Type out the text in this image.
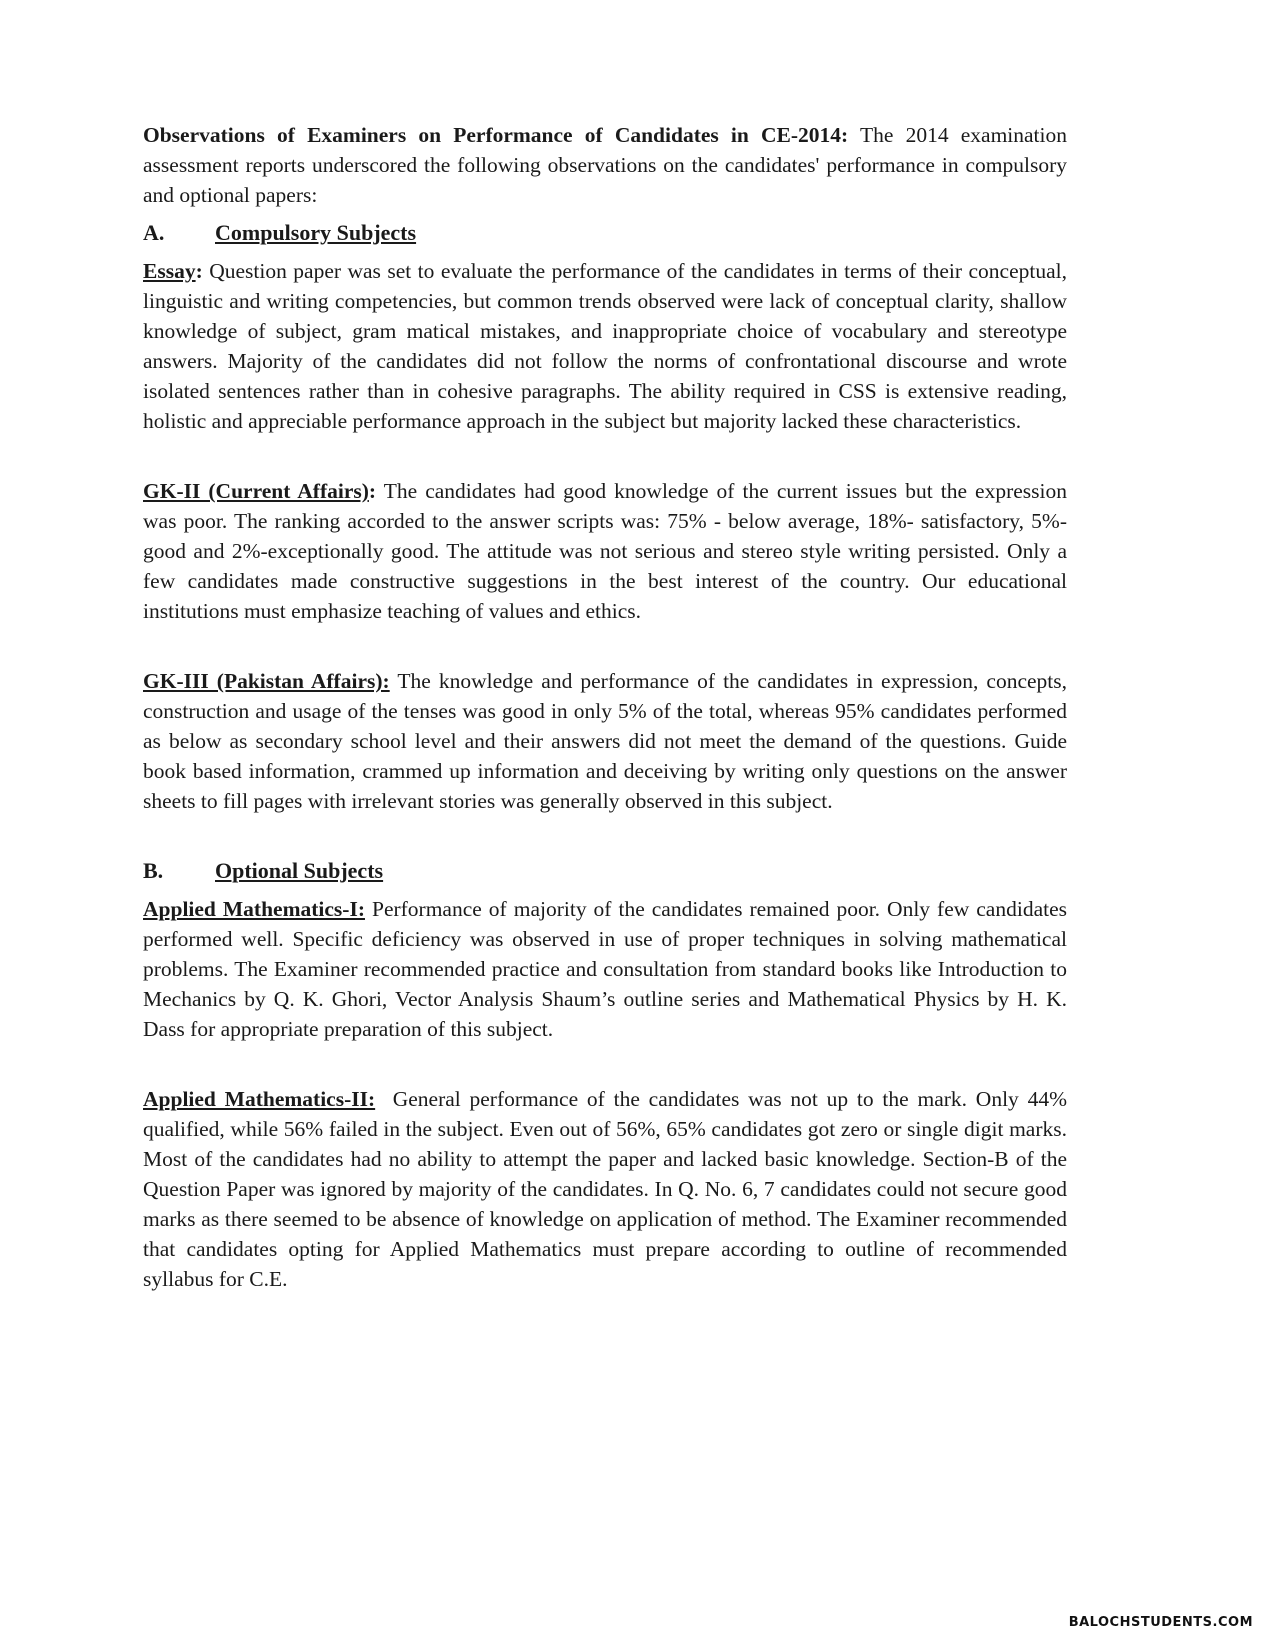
Observations of Examiners on Performance of Candidates in CE-2014: The 2014 examination assessment reports underscored the following observations on the candidates' performance in compulsory and optional papers:

A.	Compulsory Subjects

Essay: Question paper was set to evaluate the performance of the candidates in terms of their conceptual, linguistic and writing competencies, but common trends observed were lack of conceptual clarity, shallow knowledge of subject, gram matical mistakes, and inappropriate choice of vocabulary and stereotype answers. Majority of the candidates did not follow the norms of confrontational discourse and wrote isolated sentences rather than in cohesive paragraphs. The ability required in CSS is extensive reading, holistic and appreciable performance approach in the subject but majority lacked these characteristics.

GK-II (Current Affairs): The candidates had good knowledge of the current issues but the expression was poor. The ranking accorded to the answer scripts was: 75% - below average, 18%- satisfactory, 5%-good and 2%-exceptionally good. The attitude was not serious and stereo style writing persisted. Only a few candidates made constructive suggestions in the best interest of the country. Our educational institutions must emphasize teaching of values and ethics.

GK-III (Pakistan Affairs): The knowledge and performance of the candidates in expression, concepts, construction and usage of the tenses was good in only 5% of the total, whereas 95% candidates performed as below as secondary school level and their answers did not meet the demand of the questions. Guide book based information, crammed up information and deceiving by writing only questions on the answer sheets to fill pages with irrelevant stories was generally observed in this subject.

B.	Optional Subjects

Applied Mathematics-I: Performance of majority of the candidates remained poor. Only few candidates performed well. Specific deficiency was observed in use of proper techniques in solving mathematical problems. The Examiner recommended practice and consultation from standard books like Introduction to Mechanics by Q. K. Ghori, Vector Analysis Shaum’s outline series and Mathematical Physics by H. K. Dass for appropriate preparation of this subject.

Applied Mathematics-II:  General performance of the candidates was not up to the mark. Only 44% qualified, while 56% failed in the subject. Even out of 56%, 65% candidates got zero or single digit marks. Most of the candidates had no ability to attempt the paper and lacked basic knowledge. Section-B of the Question Paper was ignored by majority of the candidates. In Q. No. 6, 7 candidates could not secure good marks as there seemed to be absence of knowledge on application of method. The Examiner recommended that candidates opting for Applied Mathematics must prepare according to outline of recommended syllabus for C.E.

BALOCHSTUDENTS.COM
